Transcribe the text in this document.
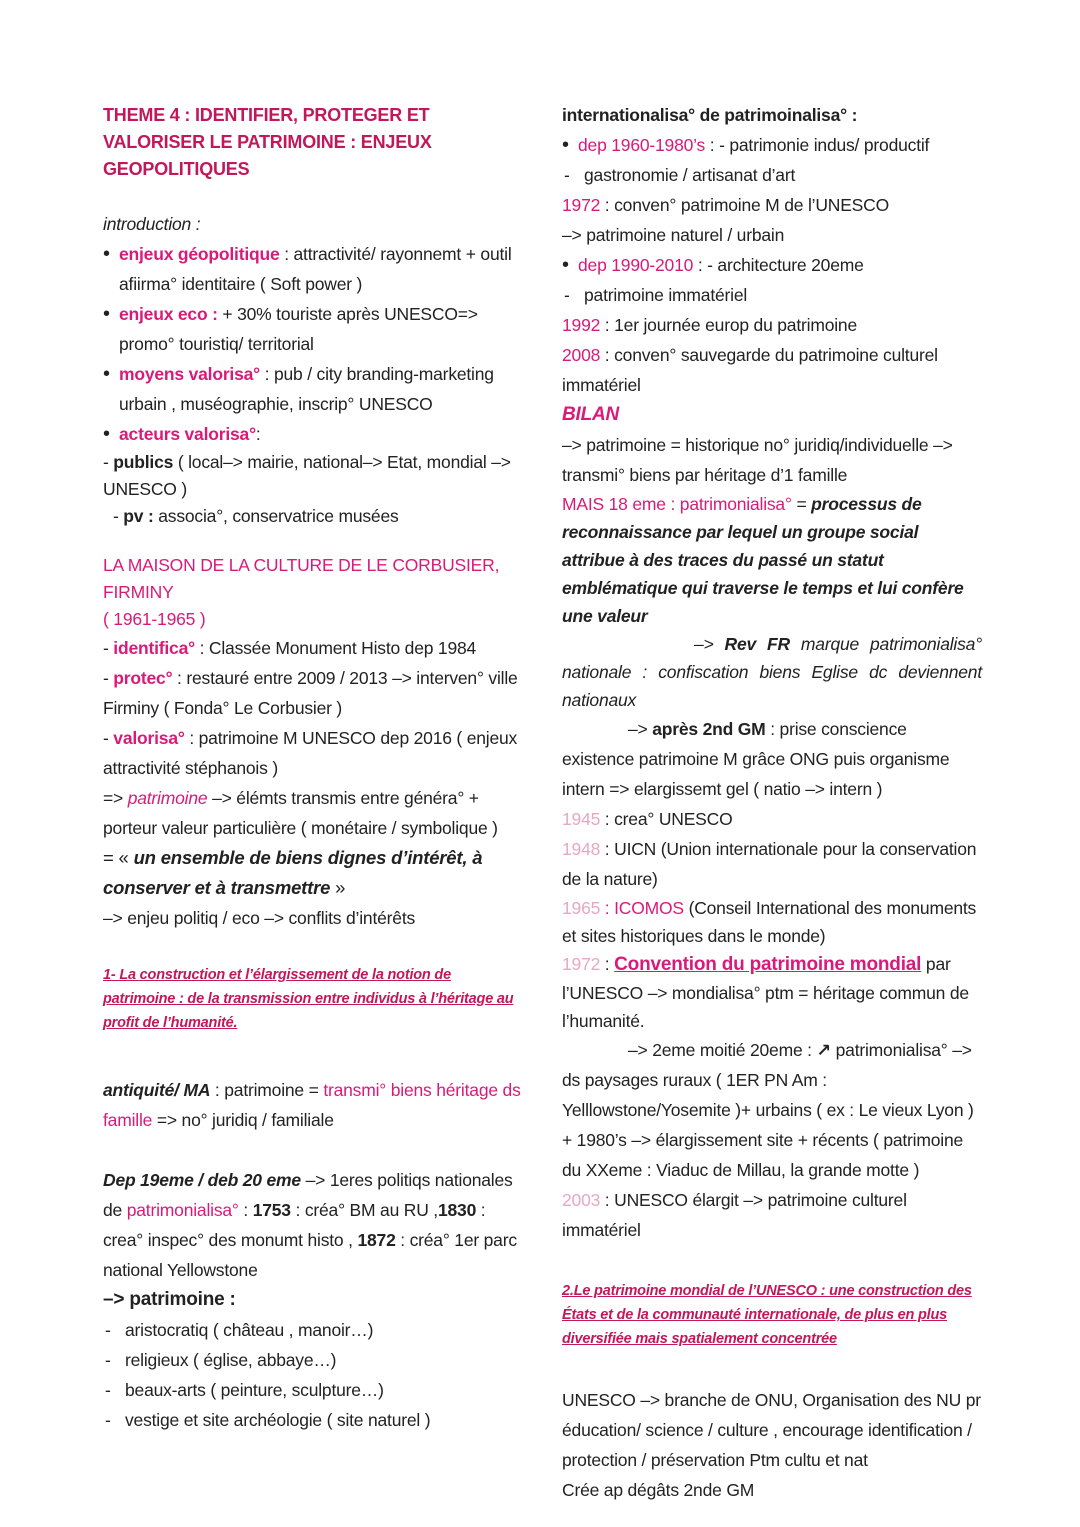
THEME 4 : IDENTIFIER, PROTEGER ET VALORISER LE PATRIMOINE : ENJEUX GEOPOLITIQUES
introduction :
• enjeux géopolitique : attractivité/ rayonnemt + outil afiirma° identitaire ( Soft power )
• enjeux eco : + 30% touriste après UNESCO=> promo° touristiq/ territorial
• moyens valorisa° : pub / city branding-marketing urbain , muséographie, inscrip° UNESCO
• acteurs valorisa°:
- publics ( local–> mairie, national–> Etat, mondial –> UNESCO )
- pv : associa°, conservatrice musées
LA MAISON DE LA CULTURE DE LE CORBUSIER, FIRMINY
( 1961-1965 )
- identifica° : Classée Monument Histo dep 1984
- protec° : restauré entre 2009 / 2013 –> interven° ville Firminy ( Fonda° Le Corbusier )
- valorisa° : patrimoine M UNESCO dep 2016 ( enjeux attractivité stéphanois )
=> patrimoine –> élémts transmis entre généra° + porteur valeur particulière ( monétaire / symbolique )
= « un ensemble de biens dignes d’intérêt, à conserver et à transmettre »
–> enjeu politiq / eco –> conflits d’intérêts
1- La construction et l’élargissement de la notion de patrimoine : de la transmission entre individus à l’héritage au profit de l’humanité.
antiquité/ MA : patrimoine = transmi° biens héritage ds famille => no° juridiq / familiale
Dep 19eme / deb 20 eme –> 1eres politiqs nationales de patrimonialisa° : 1753 : créa° BM au RU ,1830 : crea° inspec° des monumt histo , 1872 : créa° 1er parc national Yellowstone
–> patrimoine :
- aristocratiq ( château , manoir…)
- religieux ( église, abbaye…)
- beaux-arts ( peinture, sculpture…)
- vestige et site archéologie ( site naturel )
internationalisa° de patrimoinalisa° :
• dep 1960-1980’s : - patrimonie indus/ productif
- gastronomie / artisanat d’art
1972 : conven° patrimoine M de l’UNESCO
–> patrimoine naturel / urbain
• dep 1990-2010 : - architecture 20eme
- patrimoine immatériel
1992 : 1er journée europ du patrimoine
2008 : conven° sauvegarde du patrimoine culturel immatériel
BILAN
–> patrimoine = historique no° juridiq/individuelle –> transmi° biens par héritage d’1 famille
MAIS 18 eme : patrimonialisa° = processus de reconnaissance par lequel un groupe social attribue à des traces du passé un statut emblématique qui traverse le temps et lui confère une valeur
–> Rev FR marque patrimonialisa° nationale : confiscation biens Eglise dc deviennent nationaux
–> après 2nd GM : prise conscience existence patrimoine M grâce ONG puis organisme intern => elargissemt gel ( natio –> intern )
1945 : crea° UNESCO
1948 : UICN (Union internationale pour la conservation de la nature)
1965 : ICOMOS (Conseil International des monuments et sites historiques dans le monde)
1972 : Convention du patrimoine mondial par l’UNESCO –> mondialisa° ptm = héritage commun de l’humanité.
–> 2eme moitié 20eme : ↗ patrimonialisa° –> ds paysages ruraux ( 1ER PN Am : Yelllowstone/Yosemite )+ urbains ( ex : Le vieux Lyon ) + 1980’s –> élargissement site + récents ( patrimoine du XXeme : Viaduc de Millau, la grande motte )
2003 : UNESCO élargit –> patrimoine culturel immatériel
2.Le patrimoine mondial de l’UNESCO : une construction des États et de la communauté internationale, de plus en plus diversifiée mais spatialement concentrée
UNESCO –> branche de ONU, Organisation des NU pr éducation/ science / culture , encourage identification / protection / préservation Ptm cultu et nat
Crée ap dégâts 2nde GM
